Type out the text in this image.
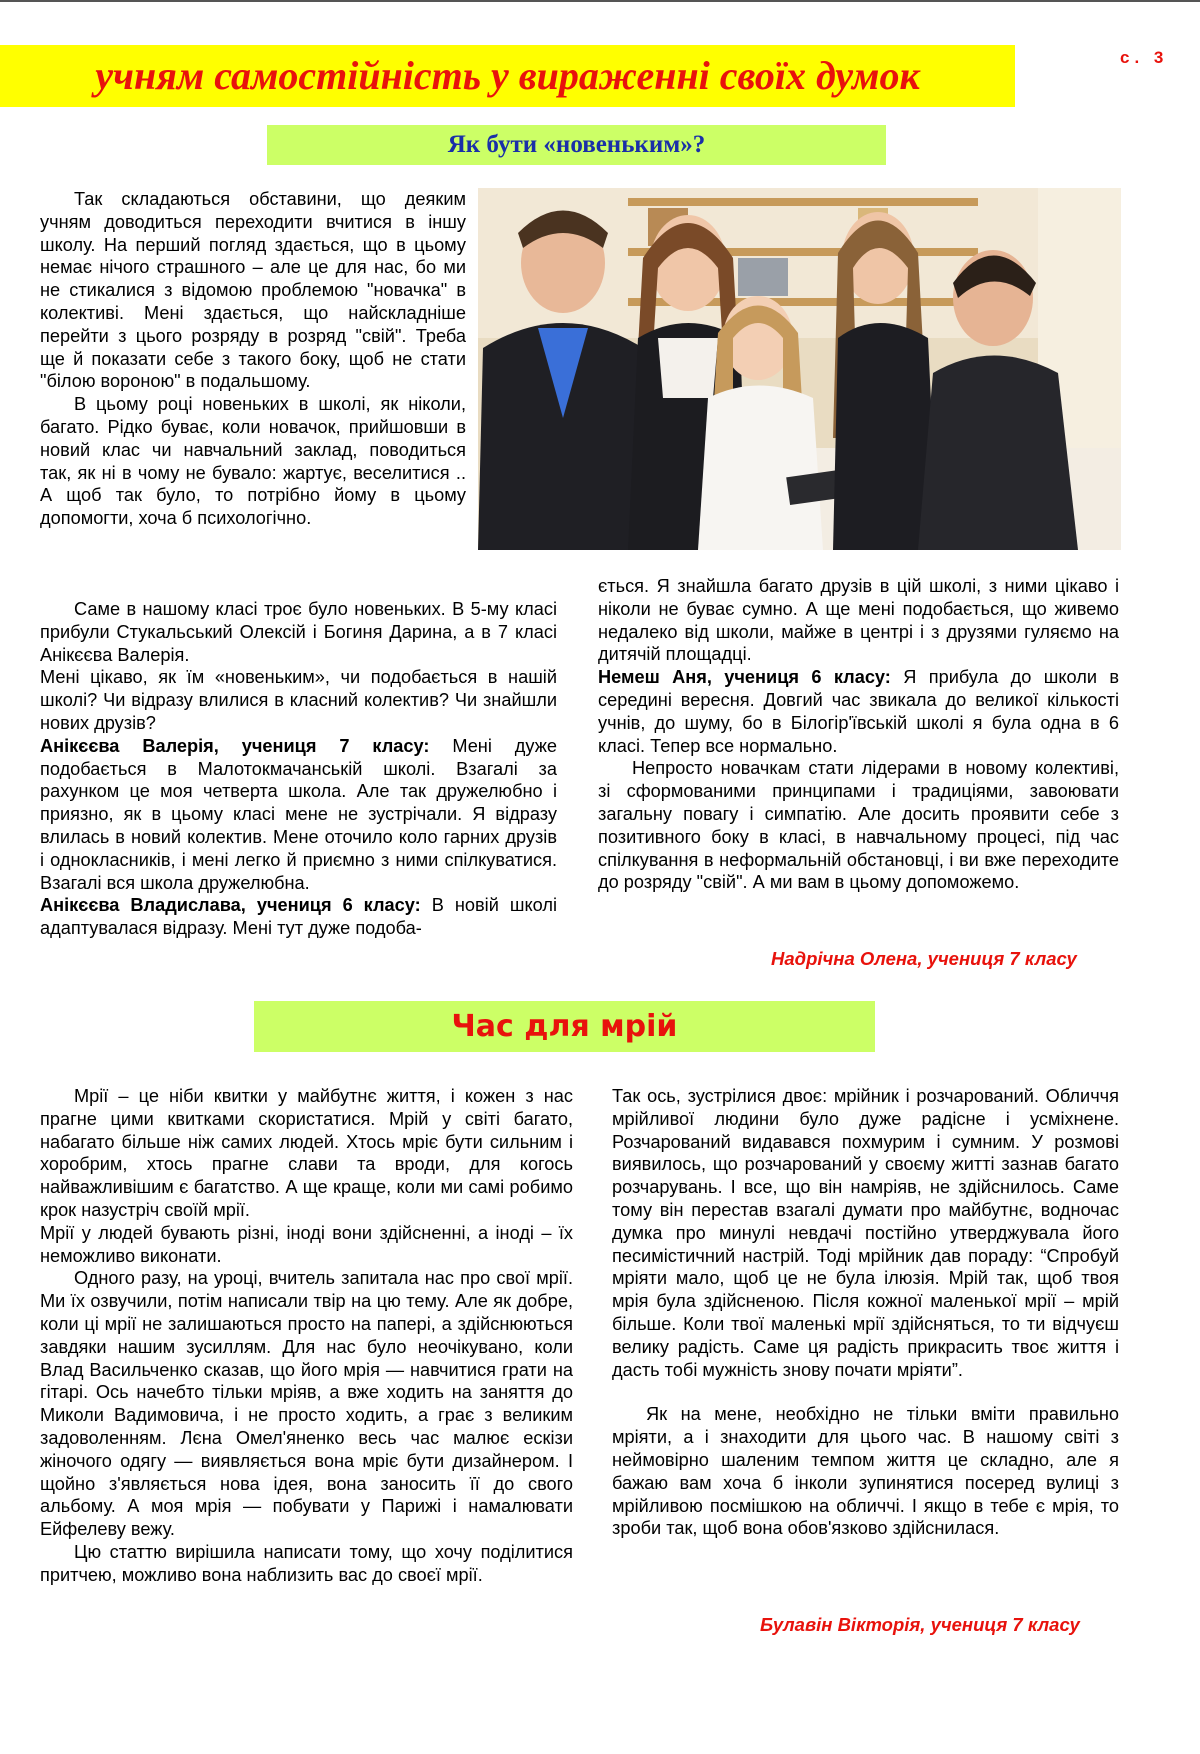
учням самостійність у вираженні своїх думок	с. 3
Як бути «новеньким»?

Так складаються обставини, що деяким учням доводиться переходити вчитися в іншу школу. На перший погляд здається, що в цьому немає нічого страшного – але це для нас, бо ми не стикалися з відомою проблемою "новачка" в колективі. Мені здається, що найскладніше перейти з цього розряду в розряд "свій". Треба ще й показати себе з такого боку, щоб не стати "білою вороною" в подальшому.

В цьому році новеньких в школі, як ніколи, багато. Рідко буває, коли новачок, прийшовши в новий клас чи навчальний заклад, поводиться так, як ні в чому не бувало: жартує, веселитися .. А щоб так було, то потрібно йому в цьому допомогти, хоча б психологічно.

Саме в нашому класі троє було новеньких. В 5-му класі прибули Стукальський Олексій і Богиня Дарина, а в 7 класі Анікєєва Валерія.

Мені цікаво, як їм «новеньким», чи подобається в нашій школі? Чи відразу влилися в класний колектив? Чи знайшли нових друзів?

Анікєєва Валерія, учениця 7 класу: Мені дуже подобається в Малотокмачанській школі. Взагалі за рахунком це моя четверта школа. Але так дружелюбно і приязно, як в цьому класі мене не зустрічали. Я відразу влилась в новий колектив. Мене оточило коло гарних друзів і однокласників, і мені легко й приємно з ними спілкуватися. Взагалі вся школа дружелюбна.

Анікєєва Владислава, учениця 6 класу: В новій школі адаптувалася відразу. Мені тут дуже подоба-

ється. Я знайшла багато друзів в цій школі, з ними цікаво і ніколи не буває сумно. А ще мені подобається, що живемо недалеко від школи, майже в центрі і з друзями гуляємо на дитячій площадці.

Немеш Аня, учениця 6 класу: Я прибула до школи в середині вересня. Довгий час звикала до великої кількості учнів, до шуму, бо в Білогір'ївській школі я була одна в 6 класі. Тепер все нормально.

Непросто новачкам стати лідерами в новому колективі, зі сформованими принципами і традиціями, завоювати загальну повагу і симпатію. Але досить проявити себе з позитивного боку в класі, в навчальному процесі, під час спілкування в неформальній обстановці, і ви вже переходите до розряду "свій". А ми вам в цьому допоможемо.

Надрічна Олена, учениця 7 класу
Час для мрій

Мрії – це ніби квитки у майбутнє життя, і кожен з нас прагне цими квитками скористатися. Мрій у світі багато, набагато більше ніж самих людей. Хтось мріє бути сильним і хоробрим, хтось прагне слави та вроди, для когось найважливішим є багатство. А ще краще, коли ми самі робимо крок назустріч своїй мрії.

Мрії у людей бувають різні, іноді вони здійсненні, а іноді – їх неможливо виконати.

Одного разу, на уроці, вчитель запитала нас про свої мрії. Ми їх озвучили, потім написали твір на цю тему. Але як добре, коли ці мрії не залишаються просто на папері, а здійснюються завдяки нашим зусиллям. Для нас було неочікувано, коли Влад Васильченко сказав, що його мрія — навчитися грати на гітарі. Ось начебто тільки мріяв, а вже ходить на заняття до Миколи Вадимовича, і не просто ходить, а грає з великим задоволенням. Лєна Омел'яненко весь час малює ескізи жіночого одягу — виявляється вона мріє бути дизайнером. І щойно з'являється нова ідея, вона заносить її до свого альбому. А моя мрія — побувати у Парижі і намалювати Ейфелеву вежу.

Цю статтю вирішила написати тому, що хочу поділитися притчею, можливо вона наблизить вас до своєї мрії.

Так ось, зустрілися двоє: мрійник і розчарований. Обличчя мрійливої людини було дуже радісне і усміхнене. Розчарований видавався похмурим і сумним. У розмові виявилось, що розчарований у своєму житті зазнав багато розчарувань. І все, що він намріяв, не здійснилось. Саме тому він перестав взагалі думати про майбутнє, водночас думка про минулі невдачі постійно утверджувала його песимістичний настрій. Тоді мрійник дав пораду: “Спробуй мріяти мало, щоб це не була ілюзія. Мрій так, щоб твоя мрія була здійсненою. Після кожної маленької мрії – мрій більше. Коли твої маленькі мрії здійсняться, то ти відчуєш велику радість. Саме ця радість прикрасить твоє життя і дасть тобі мужність знову почати мріяти”.

Як на мене, необхідно не тільки вміти правильно мріяти, а і знаходити для цього час. В нашому світі з неймовірно шаленим темпом життя це складно, але я бажаю вам хоча б інколи зупинятися посеред вулиці з мрійливою посмішкою на обличчі. І якщо в тебе є мрія, то зроби так, щоб вона обов'язково здійснилася.

Булавін Вікторія, учениця 7 класу
